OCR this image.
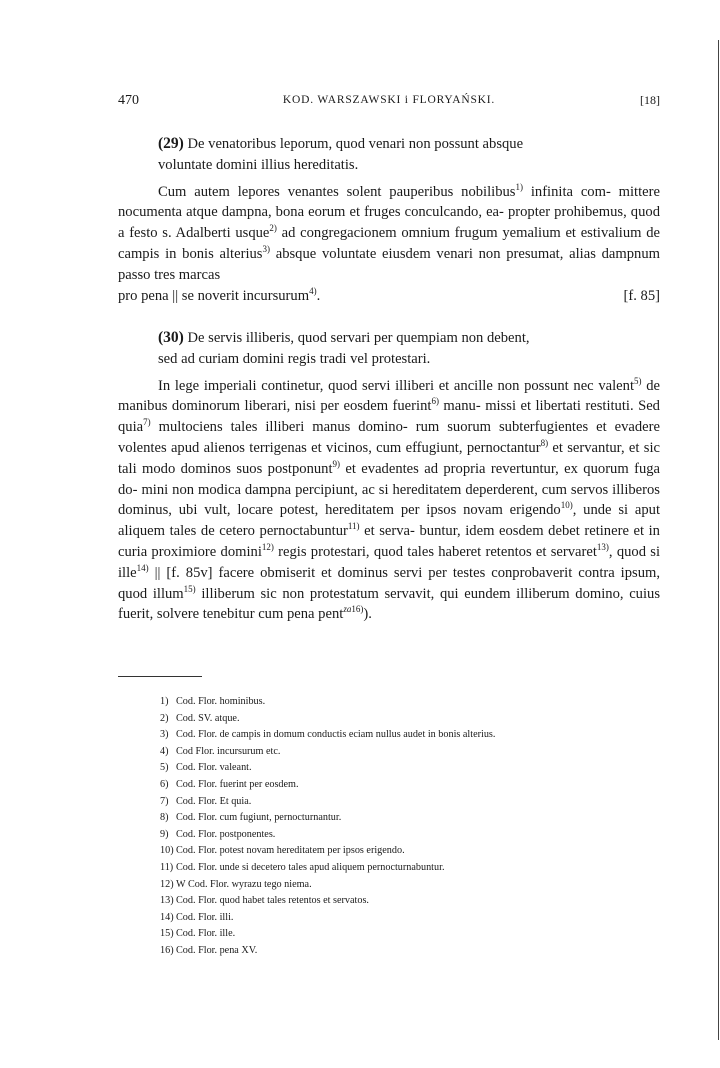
470	KOD. WARSZAWSKI i FLORYAŃSKI.	[18]

(29) De venatoribus leporum, quod venari non possunt absque

voluntate domini illius hereditatis.

Cum autem lepores venantes solent pauperibus nobilibus$^{1)}$ infinita com- mittere nocumenta atque dampna, bona eorum et fruges conculcando, ea- propter prohibemus, quod a festo s. Adalberti usque$^{2)}$ ad congregacionem omnium frugum yemalium et estivalium de campis in bonis alterius$^{3)}$ absque voluntate eiusdem venari non presumat, alias dampnum passo tres marcas

pro pena || se noverit incursurum$^{4)}$.	[f. 85]

(30) De servis illiberis, quod servari per quempiam non debent,

sed ad curiam domini regis tradi vel protestari.

In lege imperiali continetur, quod servi illiberi et ancille non possunt nec valent$^{5)}$ de manibus dominorum liberari, nisi per eosdem fuerint$^{6)}$ manu- missi et libertati restituti. Sed quia$^{7)}$ multociens tales illiberi manus domino- rum suorum subterfugientes et evadere volentes apud alienos terrigenas et vicinos, cum effugiunt, pernoctantur$^{8)}$ et servantur, et sic tali modo dominos suos postponunt$^{9)}$ et evadentes ad propria revertuntur, ex quorum fuga do- mini non modica dampna percipiunt, ac si hereditatem deperderent, cum servos illiberos dominus, ubi vult, locare potest, hereditatem per ipsos novam erigendo$^{10)}$, unde si aput aliquem tales de cetero pernoctabuntur$^{11)}$ et serva- buntur, idem eosdem debet retinere et in curia proximiore domini$^{12)}$ regis protestari, quod tales haberet retentos et servaret$^{13)}$, quod si ille$^{14)}$ || [f. 85v] facere obmiserit et dominus servi per testes conprobaverit contra ipsum, quod illum$^{15)}$ illiberum sic non protestatum servavit, qui eundem illiberum domino, cuius fuerit, solvere tenebitur cum pena pent$^{za16)}$).

1) Cod. Flor. hominibus.
2) Cod. SV. atque.
3) Cod. Flor. de campis in domum conductis eciam nullus audet in bonis alterius.
4) Cod Flor. incursurum etc.
5) Cod. Flor. valeant.
6) Cod. Flor. fuerint per eosdem.
7) Cod. Flor. Et quia.
8) Cod. Flor. cum fugiunt, pernocturnantur.
9) Cod. Flor. postponentes.
10) Cod. Flor. potest novam hereditatem per ipsos erigendo.
11) Cod. Flor. unde si decetero tales apud aliquem pernocturnabuntur.
12) W Cod. Flor. wyrazu tego niema.
13) Cod. Flor. quod habet tales retentos et servatos.
14) Cod. Flor. illi.
15) Cod. Flor. ille.
16) Cod. Flor. pena XV.
